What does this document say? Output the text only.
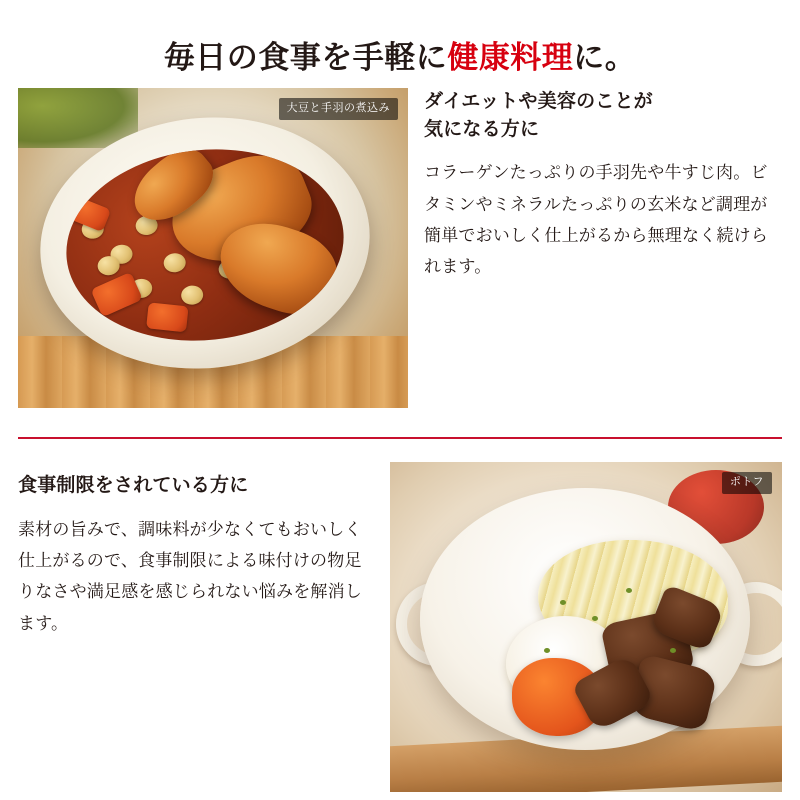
毎日の食事を手軽に健康料理に。
大豆と手羽の煮込み	ダイエットや美容のことが
気になる方に

コラーゲンたっぷりの手羽先や牛すじ肉。ビタミンやミネラルたっぷりの玄米など調理が簡単でおいしく仕上がるから無理なく続けられます。

食事制限をされている方に

素材の旨みで、調味料が少なくてもおいしく仕上がるので、食事制限による味付けの物足りなさや満足感を感じられない悩みを解消します。

ポトフ
